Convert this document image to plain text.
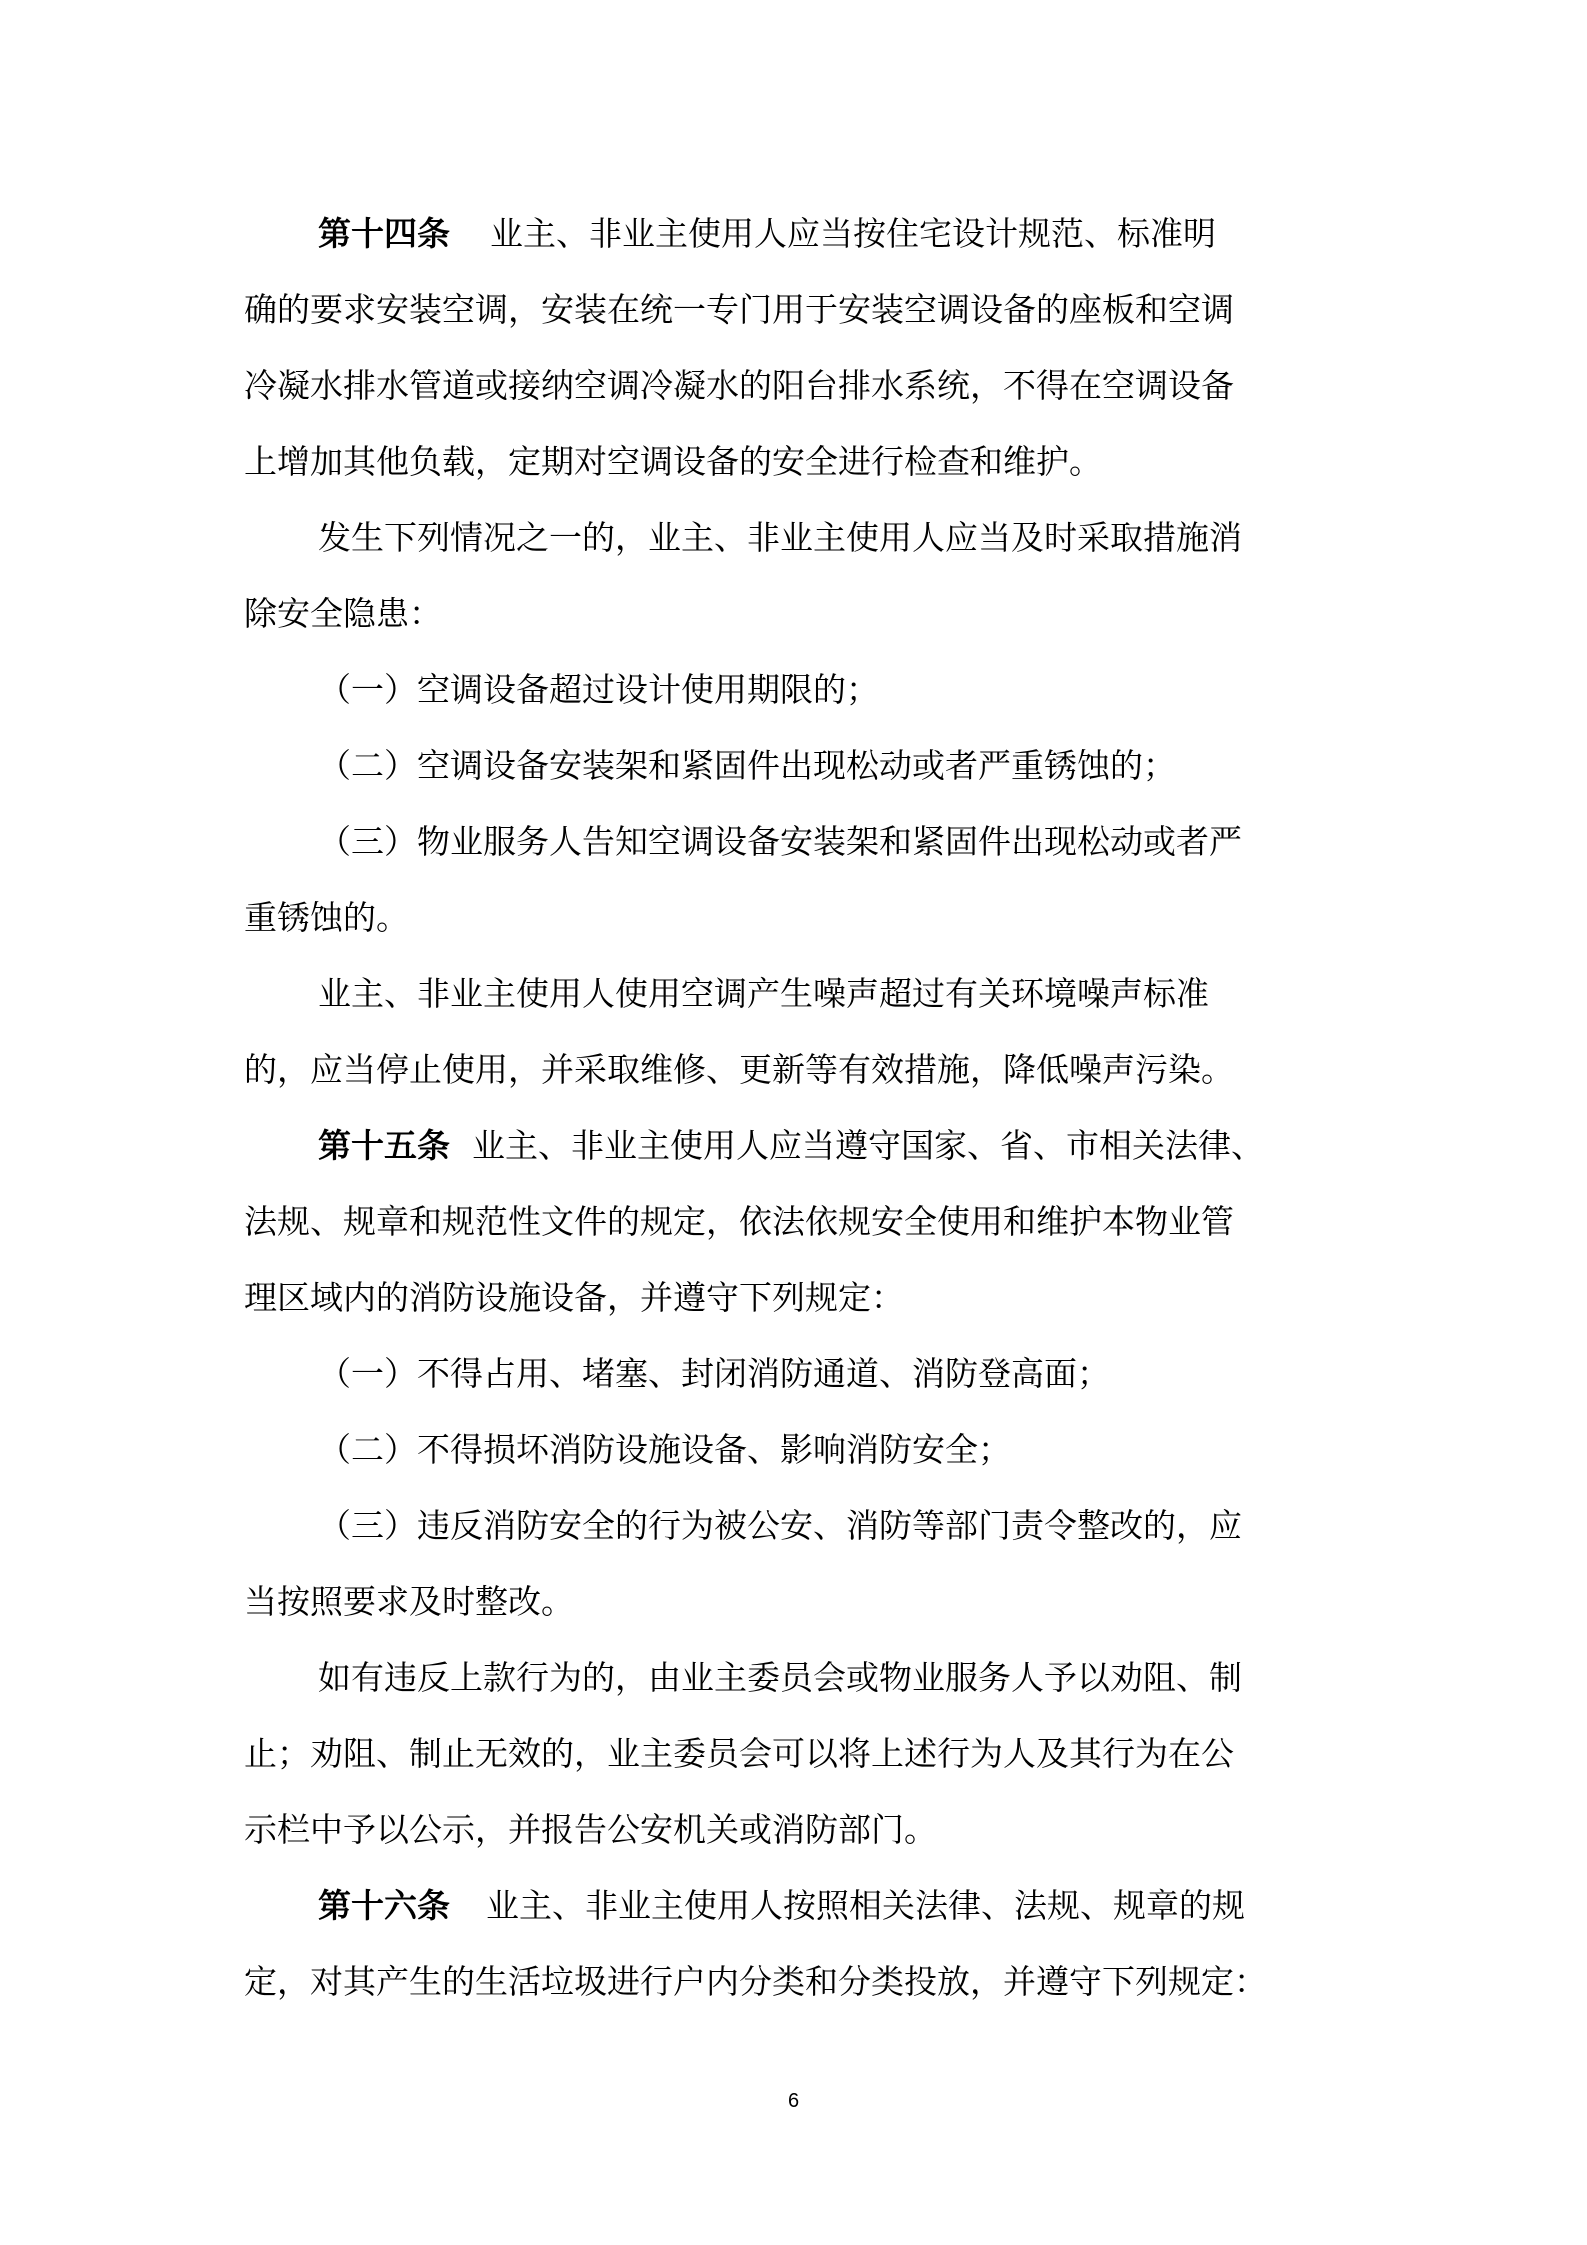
第十四条 业主、非业主使用人应当按住宅设计规范、标准明
确的要求安装空调，安装在统一专门用于安装空调设备的座板和空调
冷凝水排水管道或接纳空调冷凝水的阳台排水系统，不得在空调设备
上增加其他负载，定期对空调设备的安全进行检查和维护。
发生下列情况之一的，业主、非业主使用人应当及时采取措施消
除安全隐患：
（一）空调设备超过设计使用期限的；
（二）空调设备安装架和紧固件出现松动或者严重锈蚀的；
（三）物业服务人告知空调设备安装架和紧固件出现松动或者严
重锈蚀的。
业主、非业主使用人使用空调产生噪声超过有关环境噪声标准
的，应当停止使用，并采取维修、更新等有效措施，降低噪声污染。
第十五条 业主、非业主使用人应当遵守国家、省、市相关法律、
法规、规章和规范性文件的规定，依法依规安全使用和维护本物业管
理区域内的消防设施设备，并遵守下列规定：
（一）不得占用、堵塞、封闭消防通道、消防登高面；
（二）不得损坏消防设施设备、影响消防安全；
（三）违反消防安全的行为被公安、消防等部门责令整改的，应
当按照要求及时整改。
如有违反上款行为的，由业主委员会或物业服务人予以劝阻、制
止；劝阻、制止无效的，业主委员会可以将上述行为人及其行为在公
示栏中予以公示，并报告公安机关或消防部门。
第十六条 业主、非业主使用人按照相关法律、法规、规章的规
定，对其产生的生活垃圾进行户内分类和分类投放，并遵守下列规定：
6
